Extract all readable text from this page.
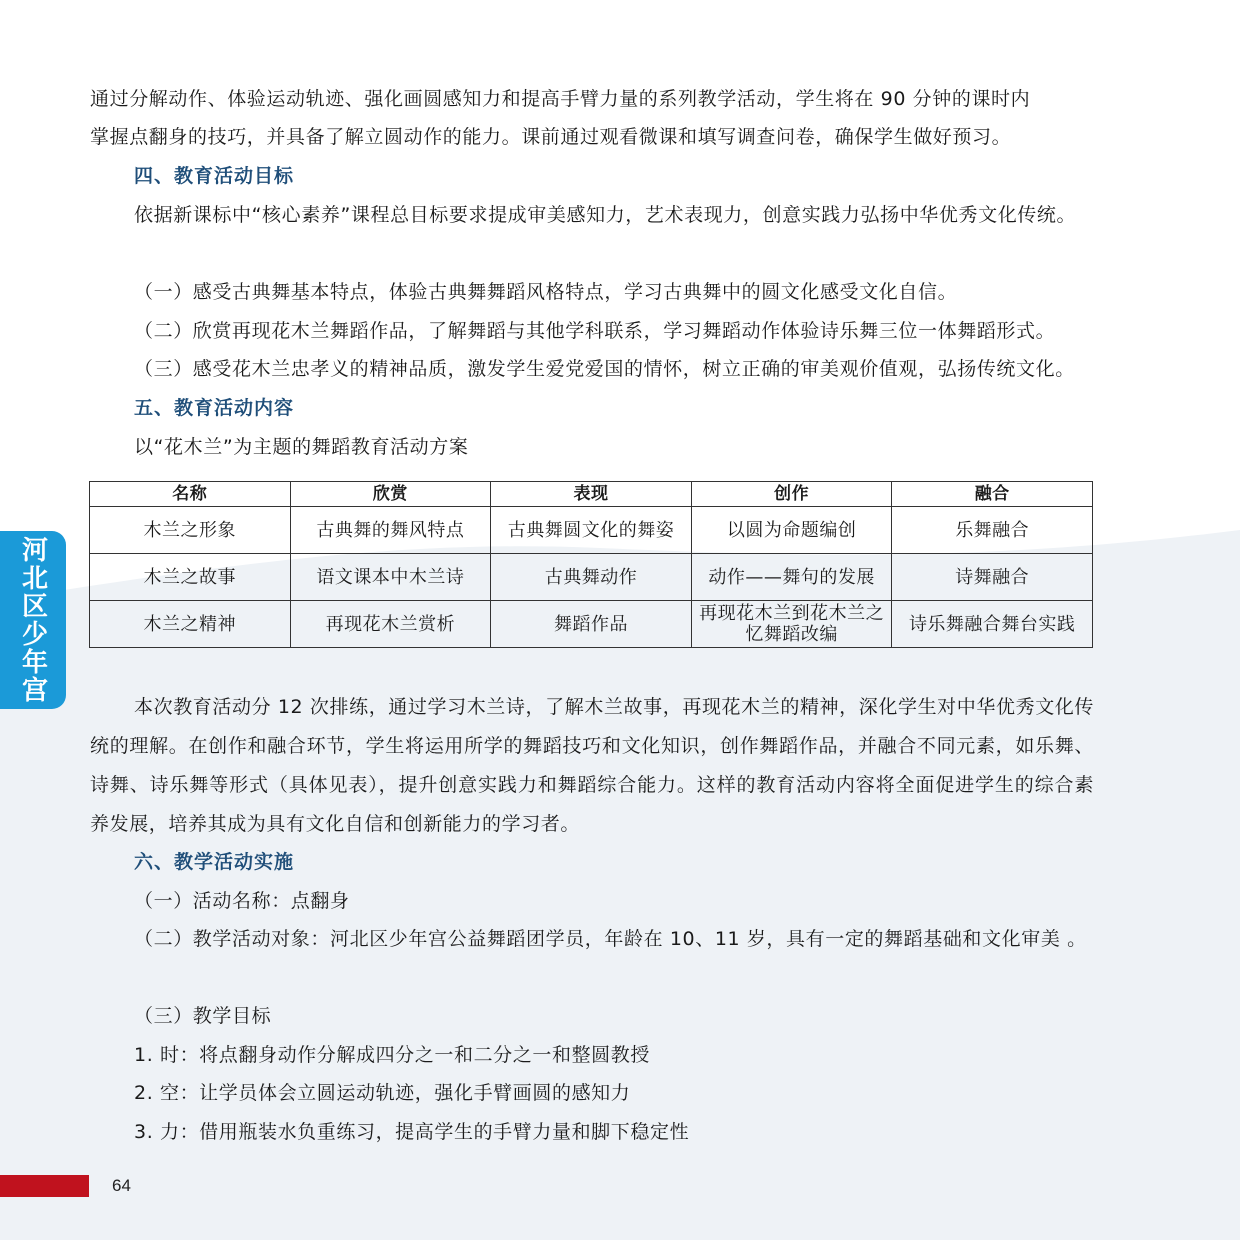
通过分解动作、体验运动轨迹、强化画圆感知力和提高手臂力量的系列教学活动，学生将在 90 分钟的课时内
掌握点翻身的技巧，并具备了解立圆动作的能力。课前通过观看微课和填写调查问卷，确保学生做好预习。
四、教育活动目标
依据新课标中“核心素养”课程总目标要求提成审美感知力，艺术表现力，创意实践力弘扬中华优秀文化传统。
（一）感受古典舞基本特点，体验古典舞舞蹈风格特点，学习古典舞中的圆文化感受文化自信。
（二）欣赏再现花木兰舞蹈作品，了解舞蹈与其他学科联系，学习舞蹈动作体验诗乐舞三位一体舞蹈形式。
（三）感受花木兰忠孝义的精神品质，激发学生爱党爱国的情怀，树立正确的审美观价值观，弘扬传统文化。
五、教育活动内容
以“花木兰”为主题的舞蹈教育活动方案
名称	欣赏	表现	创作	融合
木兰之形象	古典舞的舞风特点	古典舞圆文化的舞姿	以圆为命题编创	乐舞融合
木兰之故事	语文课本中木兰诗	古典舞动作	动作——舞句的发展	诗舞融合
木兰之精神	再现花木兰赏析	舞蹈作品	再现花木兰到花木兰之忆舞蹈改编	诗乐舞融合舞台实践
本次教育活动分 12 次排练，通过学习木兰诗，了解木兰故事，再现花木兰的精神，深化学生对中华优秀文化传统的理解。在创作和融合环节，学生将运用所学的舞蹈技巧和文化知识，创作舞蹈作品，并融合不同元素，如乐舞、诗舞、诗乐舞等形式（具体见表），提升创意实践力和舞蹈综合能力。这样的教育活动内容将全面促进学生的综合素养发展，培养其成为具有文化自信和创新能力的学习者。
六、教学活动实施
（一）活动名称：点翻身
（二）教学活动对象：河北区少年宫公益舞蹈团学员，年龄在 10、11 岁，具有一定的舞蹈基础和文化审美 。
（三）教学目标
1. 时：将点翻身动作分解成四分之一和二分之一和整圆教授
2. 空：让学员体会立圆运动轨迹，强化手臂画圆的感知力
3. 力：借用瓶装水负重练习，提高学生的手臂力量和脚下稳定性
河北区少年宫
64
